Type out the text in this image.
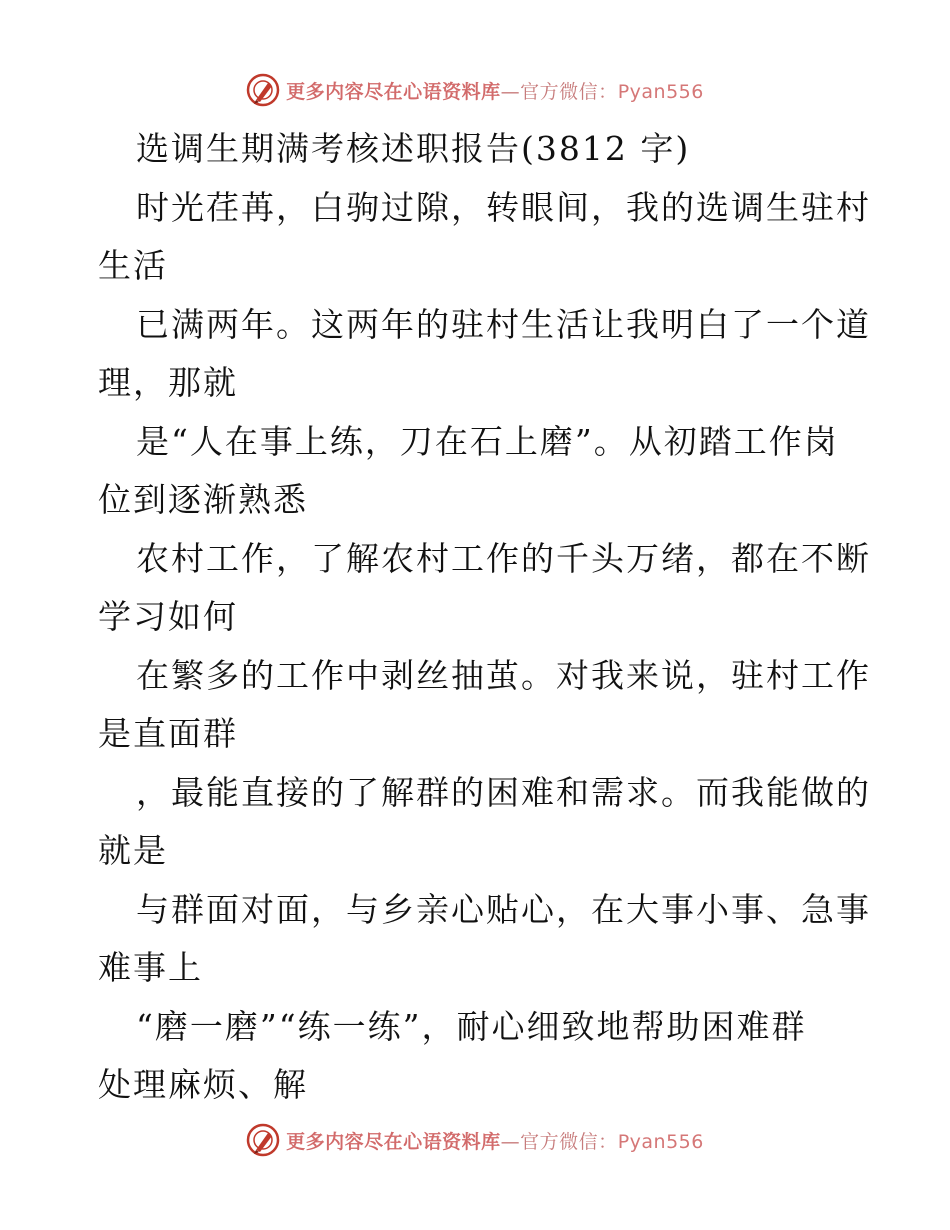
更多内容尽在心语资料库—官方微信：Pyan556
选调生期满考核述职报告(3812 字)
时光荏苒，白驹过隙，转眼间，我的选调生驻村
生活
已满两年。这两年的驻村生活让我明白了一个道
理，那就
是“人在事上练，刀在石上磨”。从初踏工作岗
位到逐渐熟悉
农村工作，了解农村工作的千头万绪，都在不断
学习如何
在繁多的工作中剥丝抽茧。对我来说，驻村工作
是直面群
，最能直接的了解群的困难和需求。而我能做的
就是
与群面对面，与乡亲心贴心，在大事小事、急事
难事上
“磨一磨”“练一练”，耐心细致地帮助困难群
处理麻烦、解
更多内容尽在心语资料库—官方微信：Pyan556
